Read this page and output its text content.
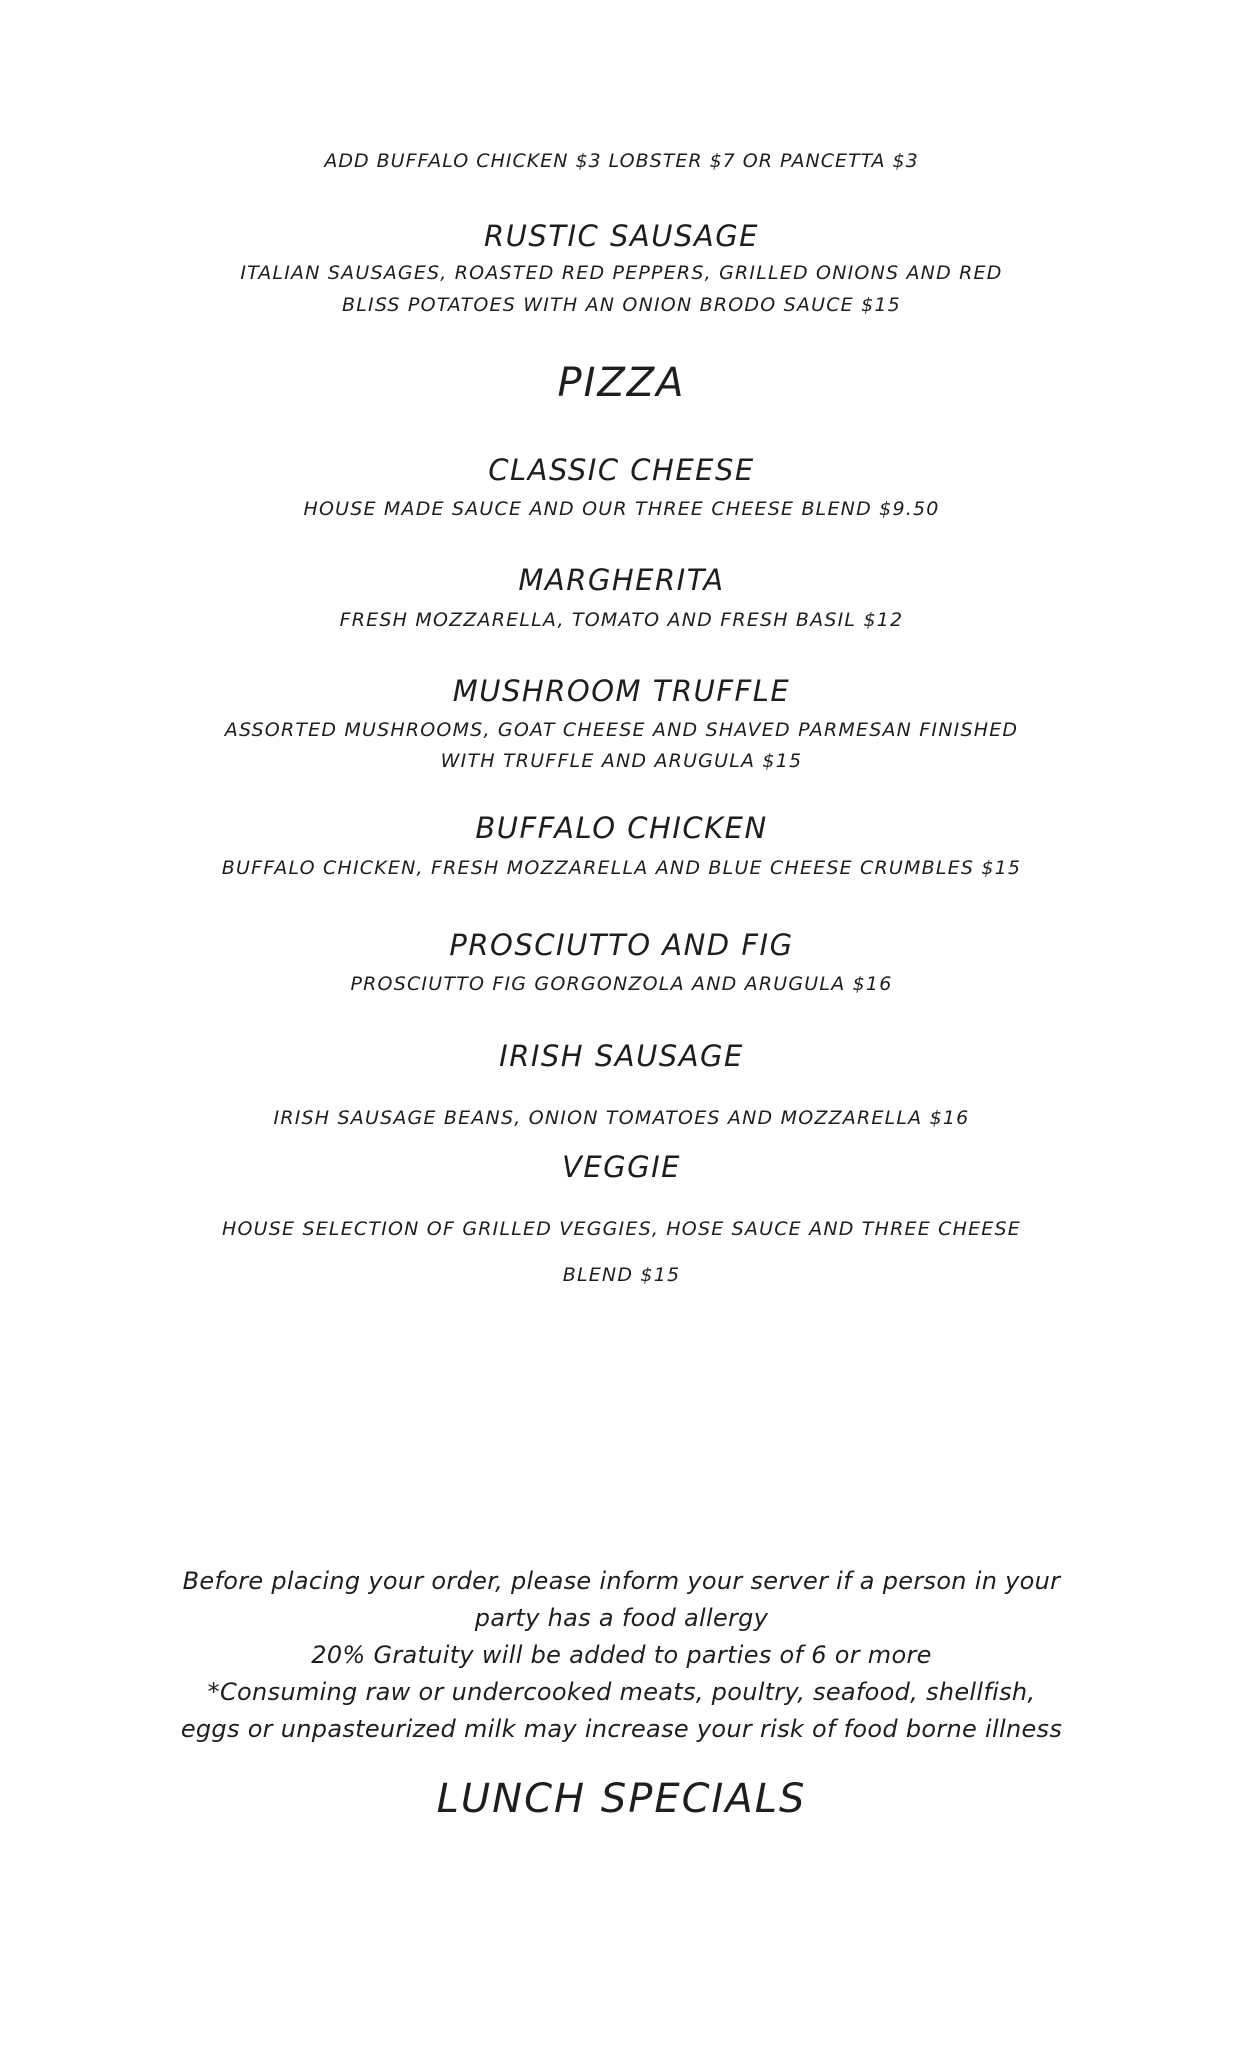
ADD BUFFALO CHICKEN $3 LOBSTER $7 OR PANCETTA $3
RUSTIC SAUSAGE
ITALIAN SAUSAGES, ROASTED RED PEPPERS, GRILLED ONIONS AND RED
BLISS POTATOES WITH AN ONION BRODO SAUCE $15
PIZZA
CLASSIC CHEESE
HOUSE MADE SAUCE AND OUR THREE CHEESE BLEND $9.50
MARGHERITA
FRESH MOZZARELLA, TOMATO AND FRESH BASIL $12
MUSHROOM TRUFFLE
ASSORTED MUSHROOMS, GOAT CHEESE AND SHAVED PARMESAN FINISHED
WITH TRUFFLE AND ARUGULA $15
BUFFALO CHICKEN
BUFFALO CHICKEN, FRESH MOZZARELLA AND BLUE CHEESE CRUMBLES $15
PROSCIUTTO AND FIG
PROSCIUTTO FIG GORGONZOLA AND ARUGULA $16
IRISH SAUSAGE
IRISH SAUSAGE BEANS, ONION TOMATOES AND MOZZARELLA $16
VEGGIE
HOUSE SELECTION OF GRILLED VEGGIES, HOSE SAUCE AND THREE CHEESE
BLEND $15
Before placing your order, please inform your server if a person in your
party has a food allergy
20% Gratuity will be added to parties of 6 or more
*Consuming raw or undercooked meats, poultry, seafood, shellfish,
eggs or unpasteurized milk may increase your risk of food borne illness
LUNCH SPECIALS
